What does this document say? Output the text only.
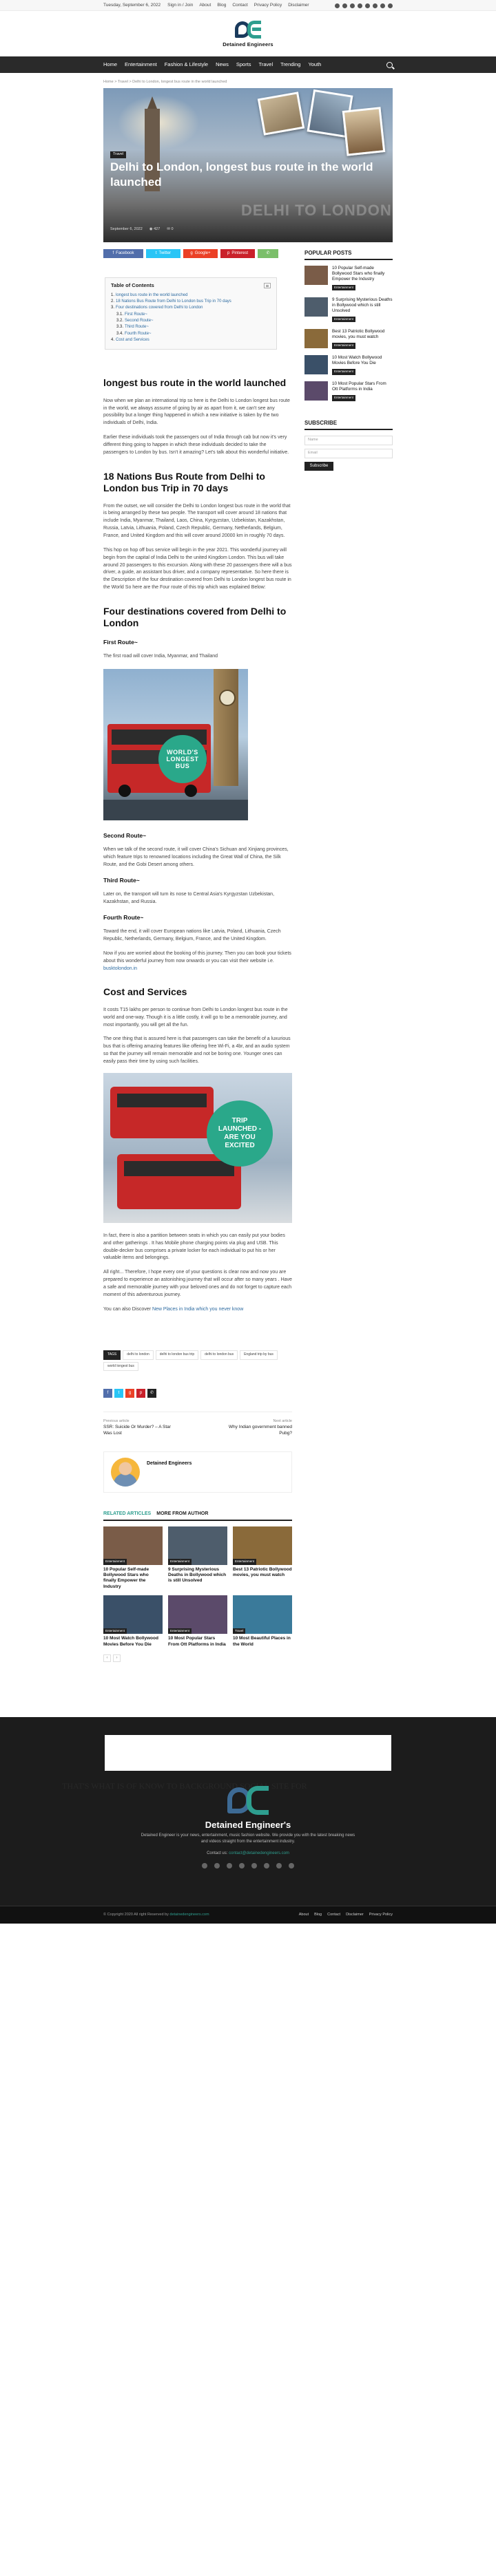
Tuesday, September 6, 2022 Sign in / Join About Blog Contact Privacy Policy Disclaimer
Detained Engineers
Home Entertainment Fashion & Lifestyle News Sports Travel Trending Youth
Home > Travel > Delhi to London, longest bus route in the world launched
DELHI TO LONDON
Travel
Delhi to London, longest bus route in the world launched
September 6, 2022 ◉ 427 ✉ 0
f Facebook	t Twitter	g Google+	p Pinterest	✆
Table of Contents
1. longest bus route in the world launched
2. 18 Nations Bus Route from Delhi to London bus Trip in 70 days
3. Four destinations covered from Delhi to London
3.1. First Route~
3.2. Second Route~
3.3. Third Route~
3.4. Fourth Route~
4. Cost and Services
longest bus route in the world launched

Now when we plan an international trip so here is the Delhi to London longest bus route in the world, we always assume of going by air as apart from it, we can't see any possibility but a longer thing happened in which a new initiative is taken by the two individuals of Delhi, India.

Earlier these individuals took the passengers out of India through cab but now it's very different thing going to happen in which these individuals decided to take the passengers to London by bus. Isn't it amazing? Let's talk about this wonderful initiative.

18 Nations Bus Route from Delhi to London bus Trip in 70 days

From the outset, we will consider the Delhi to London longest bus route in the world that is being arranged by these two people. The transport will cover around 18 nations that include India, Myanmar, Thailand, Laos, China, Kyrgyzstan, Uzbekistan, Kazakhstan, Russia, Latvia, Lithuania, Poland, Czech Republic, Germany, Netherlands, Belgium, France, and United Kingdom and this will cover around 20000 km in roughly 70 days.

This hop on hop off bus service will begin in the year 2021. This wonderful journey will begin from the capital of India Delhi to the united Kingdom London. This bus will take around 20 passengers to this excursion. Along with these 20 passengers there will a bus driver, a guide, an assistant bus driver, and a company representative. So here there is the Description of the four destination covered from Delhi to London longest bus route in the World So here are the Four route of this trip which was explained Below:

Four destinations covered from Delhi to London
First Route~

The first road will cover India, Myanmar, and Thailand

WORLD'S LONGEST BUS
Second Route~

When we talk of the second route, it will cover China's Sichuan and Xinjiang provinces, which feature trips to renowned locations including the Great Wall of China, the Silk Route, and the Gobi Desert among others.

Third Route~

Later on, the transport will turn its nose to Central Asia's Kyrgyzstan Uzbekistan, Kazakhstan, and Russia.

Fourth Route~

Toward the end, it will cover European nations like Latvia, Poland, Lithuania, Czech Republic, Netherlands, Germany, Belgium, France, and the United Kingdom.

Now if you are worried about the booking of this journey. Then you can book your tickets about this wonderful journey from now onwards or you can visit their website i.e. busktolondon.in

Cost and Services

It costs T15 lakhs per person to continue from Delhi to London longest bus route in the world and one-way. Though it is a little costly, it will go to be a memorable journey, and most importantly, you will get all the fun.

The one thing that is assured here is that passengers can take the benefit of a luxurious bus that is offering amazing features like offering free Wi-Fi, a 4br, and an audio system so that the journey will remain memorable and not be boring one. Younger ones can easily pass their time by using such facilities.

TRIP LAUNCHED - ARE YOU EXCITED

In fact, there is also a partition between seats in which you can easily put your bodies and other gatherings . It has Mobile phone charging points via plug and USB. This double-decker bus comprises a private locker for each individual to put his or her valuable items and belongings.

All right... Therefore, I hope every one of your questions is clear now and now you are prepared to experience an astonishing journey that will occur after so many years . Have a safe and memorable journey with your beloved ones and do not forget to capture each moment of this adventurous journey.

You can also Discover New Places in India which you never know

TAGS	delhi to london	delhi to london bus trip	delhi to london bus	England trip by bus
world longest bus
f	t	g	p	✆
Previous article
SSR: Suicide Or Murder? – A Star Was Lost
Next article
Why Indian government banned Pubg?
Detained Engineers
RELATED ARTICLES MORE FROM AUTHOR
Entertainment
10 Popular Self-made Bollywood Stars who finally Empower the Industry
Entertainment
9 Surprising Mysterious Deaths in Bollywood which is still Unsolved
Entertainment
Best 13 Patriotic Bollywood movies, you must watch
Entertainment
10 Most Watch Bollywood Movies Before You Die
Entertainment
10 Most Popular Stars From Ott Platforms in India
Travel
10 Most Beautiful Places in the World
‹	›
POPULAR POSTS
10 Popular Self-made Bollywood Stars who finally Empower the Industry
Entertainment
9 Surprising Mysterious Deaths in Bollywood which is still Unsolved
Entertainment
Best 13 Patriotic Bollywood movies, you must watch
Entertainment
10 Most Watch Bollywood Movies Before You Die
Entertainment
10 Most Popular Stars From Ott Platforms in India
Entertainment
SUBSCRIBE
Name
Email
Subscribe
THAT'S WHAT IS OF KNOW TO BACKGROUND SOCIAL SITE FOR
Detained Engineer's
Detained Engineer is your news, entertainment, music fashion website. We provide you with the latest breaking news and videos straight from the entertainment industry.
Contact us: contact@detainedengineers.com
© Copyright 2020 All right Reserved by detainedengineers.com	About Blog Contact Disclaimer Privacy Policy
